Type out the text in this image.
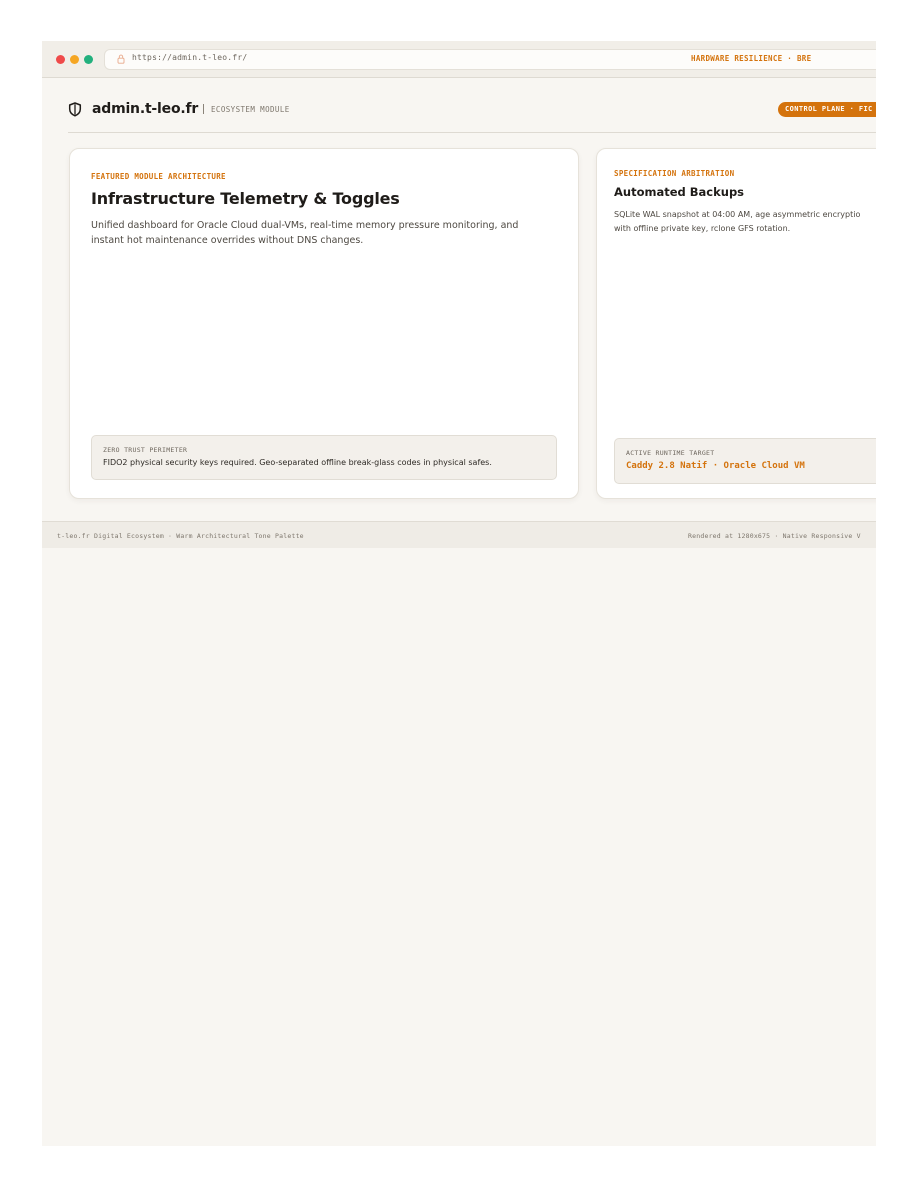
https://admin.t-leo.fr/	HARDWARE RESILIENCE · BRE
admin.t-leo.fr ECOSYSTEM MODULE	CONTROL PLANE · FIC
FEATURED MODULE ARCHITECTURE
Infrastructure Telemetry & Toggles
Unified dashboard for Oracle Cloud dual-VMs, real-time memory pressure monitoring, and instant hot maintenance overrides without DNS changes.
ZERO TRUST PERIMETER
FIDO2 physical security keys required. Geo-separated offline break-glass codes in physical safes.
SPECIFICATION ARBITRATION
Automated Backups
SQLite WAL snapshot at 04:00 AM, age asymmetric encryptio
with offline private key, rclone GFS rotation.
ACTIVE RUNTIME TARGET
Caddy 2.8 Natif · Oracle Cloud VM
t-leo.fr Digital Ecosystem · Warm Architectural Tone Palette	Rendered at 1280x675 · Native Responsive V
